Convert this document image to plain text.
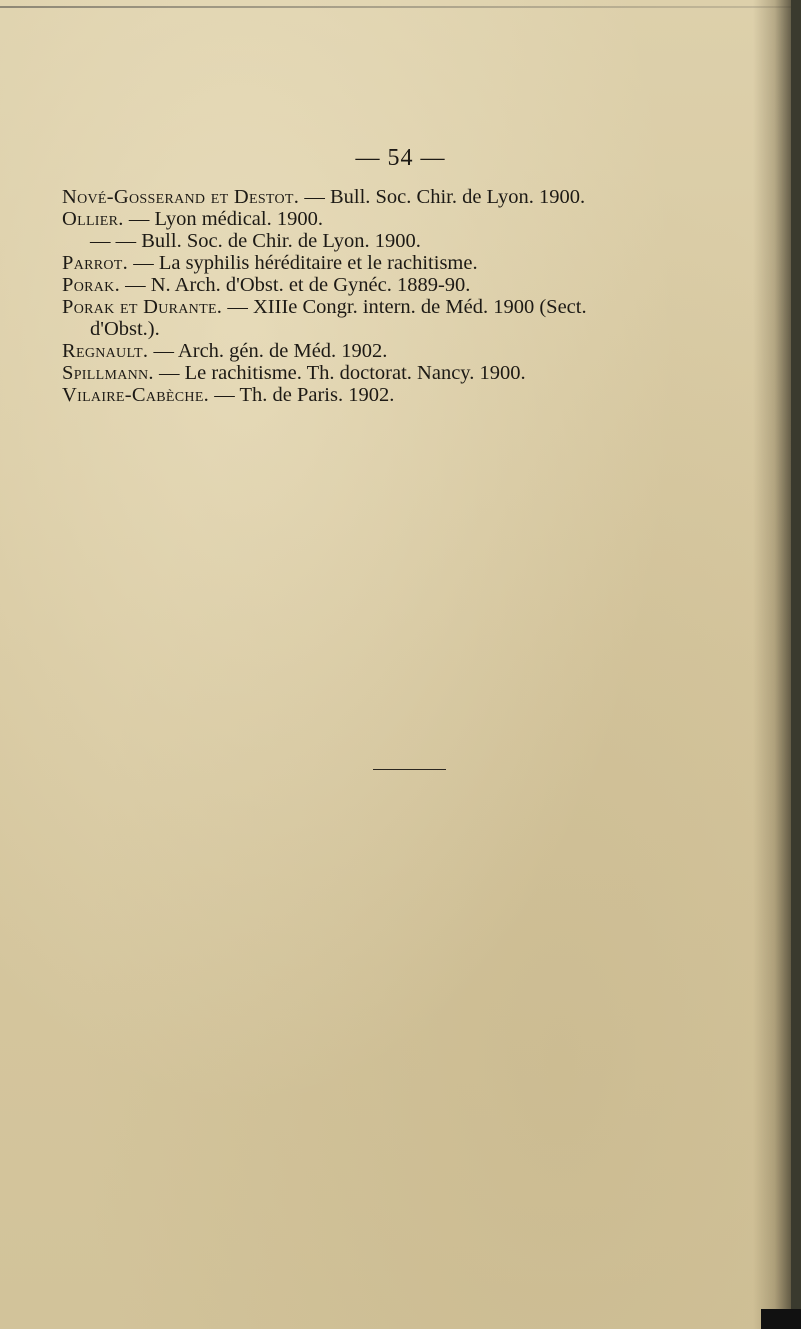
— 54 —
Nové-Gosserand et Destot. — Bull. Soc. Chir. de Lyon. 1900.
Ollier. — Lyon médical. 1900.
— — Bull. Soc. de Chir. de Lyon. 1900.
Parrot. — La syphilis héréditaire et le rachitisme.
Porak. — N. Arch. d'Obst. et de Gynéc. 1889-90.
Porak et Durante. — XIIIe Congr. intern. de Méd. 1900 (Sect.
d'Obst.).
Regnault. — Arch. gén. de Méd. 1902.
Spillmann. — Le rachitisme. Th. doctorat. Nancy. 1900.
Vilaire-Cabèche. — Th. de Paris. 1902.
